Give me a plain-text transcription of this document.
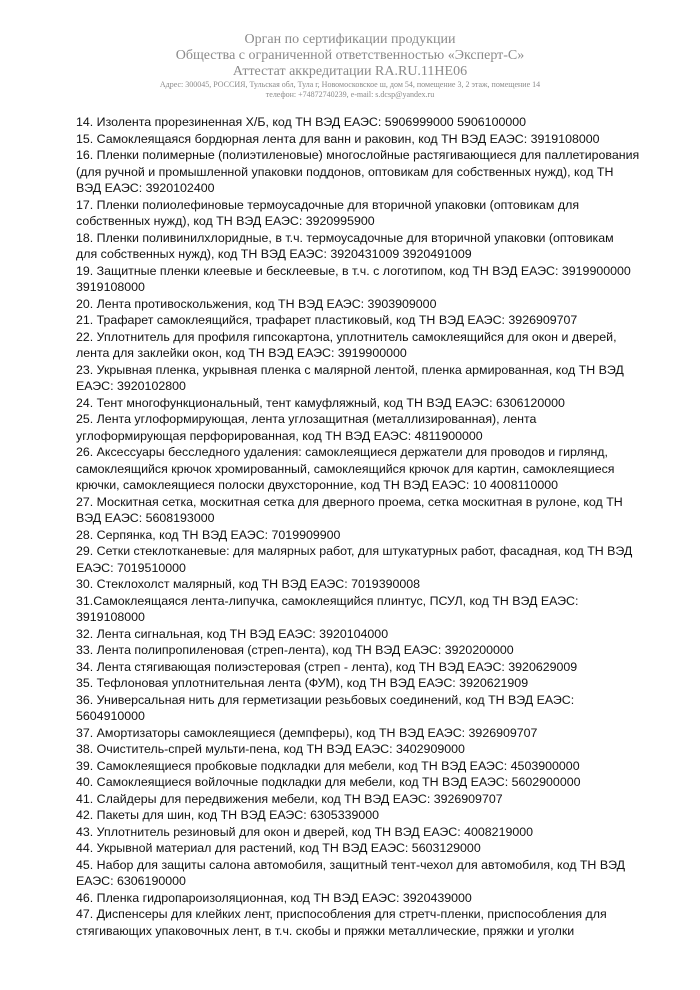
Орган по сертификации продукции
Общества с ограниченной ответственностью «Эксперт-С»
Аттестат аккредитации RA.RU.11НЕ06
Адрес: 300045, РОССИЯ, Тульская обл, Тула г, Новомосковское ш, дом 54, помещение 3, 2 этаж, помещение 14
телефон: +74872740239, e-mail: s.dcsp@yandex.ru
14. Изолента прорезиненная Х/Б, код ТН ВЭД ЕАЭС: 5906999000 5906100000
15. Самоклеящаяся бордюрная лента для ванн и раковин, код ТН ВЭД ЕАЭС: 3919108000
16. Пленки полимерные (полиэтиленовые) многослойные растягивающиеся для паллетирования
(для ручной и промышленной упаковки поддонов, оптовикам для собственных нужд), код ТН
ВЭД ЕАЭС: 3920102400
17. Пленки полиолефиновые термоусадочные для вторичной упаковки (оптовикам для
собственных нужд), код ТН ВЭД ЕАЭС: 3920995900
18. Пленки поливинилхлоридные, в т.ч. термоусадочные для вторичной упаковки (оптовикам
для собственных нужд), код ТН ВЭД ЕАЭС: 3920431009 3920491009
19. Защитные пленки клеевые и бесклеевые, в т.ч. с логотипом, код ТН ВЭД ЕАЭС: 3919900000
3919108000
20. Лента противоскольжения, код ТН ВЭД ЕАЭС: 3903909000
21. Трафарет самоклеящийся, трафарет пластиковый, код ТН ВЭД ЕАЭС: 3926909707
22. Уплотнитель для профиля гипсокартона, уплотнитель самоклеящийся для окон и дверей,
лента для заклейки окон, код ТН ВЭД ЕАЭС: 3919900000
23. Укрывная пленка, укрывная пленка с малярной лентой, пленка армированная, код ТН ВЭД
ЕАЭС: 3920102800
24. Тент многофункциональный, тент камуфляжный, код ТН ВЭД ЕАЭС: 6306120000
25. Лента углоформирующая, лента углозащитная (металлизированная), лента
углоформирующая перфорированная, код ТН ВЭД ЕАЭС: 4811900000
26. Аксессуары бесследного удаления: самоклеящиеся держатели для проводов и гирлянд,
самоклеящийся крючок хромированный, самоклеящийся крючок для картин, самоклеящиеся
крючки, самоклеящиеся полоски двухсторонние, код ТН ВЭД ЕАЭС: 10 4008110000
27. Москитная сетка, москитная сетка для дверного проема, сетка москитная в рулоне, код ТН
ВЭД ЕАЭС: 5608193000
28. Серпянка, код ТН ВЭД ЕАЭС: 7019909900
29. Сетки стеклотканевые: для малярных работ, для штукатурных работ, фасадная, код ТН ВЭД
ЕАЭС: 7019510000
30. Стеклохолст малярный, код ТН ВЭД ЕАЭС: 7019390008
31.Самоклеящаяся лента-липучка, самоклеящийся плинтус, ПСУЛ, код ТН ВЭД ЕАЭС:
3919108000
32. Лента сигнальная, код ТН ВЭД ЕАЭС: 3920104000
33. Лента полипропиленовая (стреп-лента), код ТН ВЭД ЕАЭС: 3920200000
34. Лента стягивающая полиэстеровая (стреп - лента), код ТН ВЭД ЕАЭС: 3920629009
35. Тефлоновая уплотнительная лента (ФУМ), код ТН ВЭД ЕАЭС: 3920621909
36. Универсальная нить для герметизации резьбовых соединений, код ТН ВЭД ЕАЭС:
5604910000
37. Амортизаторы самоклеящиеся (демпферы), код ТН ВЭД ЕАЭС: 3926909707
38. Очиститель-спрей мульти-пена, код ТН ВЭД ЕАЭС: 3402909000
39. Самоклеящиеся пробковые подкладки для мебели, код ТН ВЭД ЕАЭС: 4503900000
40. Самоклеящиеся войлочные подкладки для мебели, код ТН ВЭД ЕАЭС: 5602900000
41. Слайдеры для передвижения мебели, код ТН ВЭД ЕАЭС: 3926909707
42. Пакеты для шин, код ТН ВЭД ЕАЭС: 6305339000
43. Уплотнитель резиновый для окон и дверей, код ТН ВЭД ЕАЭС: 4008219000
44. Укрывной материал для растений, код ТН ВЭД ЕАЭС: 5603129000
45. Набор для защиты салона автомобиля, защитный тент-чехол для автомобиля, код ТН ВЭД
ЕАЭС: 6306190000
46. Пленка гидропароизоляционная, код ТН ВЭД ЕАЭС: 3920439000
47. Диспенсеры для клейких лент, приспособления для стретч-пленки, приспособления для
стягивающих упаковочных лент, в т.ч. скобы и пряжки металлические, пряжки и уголки
